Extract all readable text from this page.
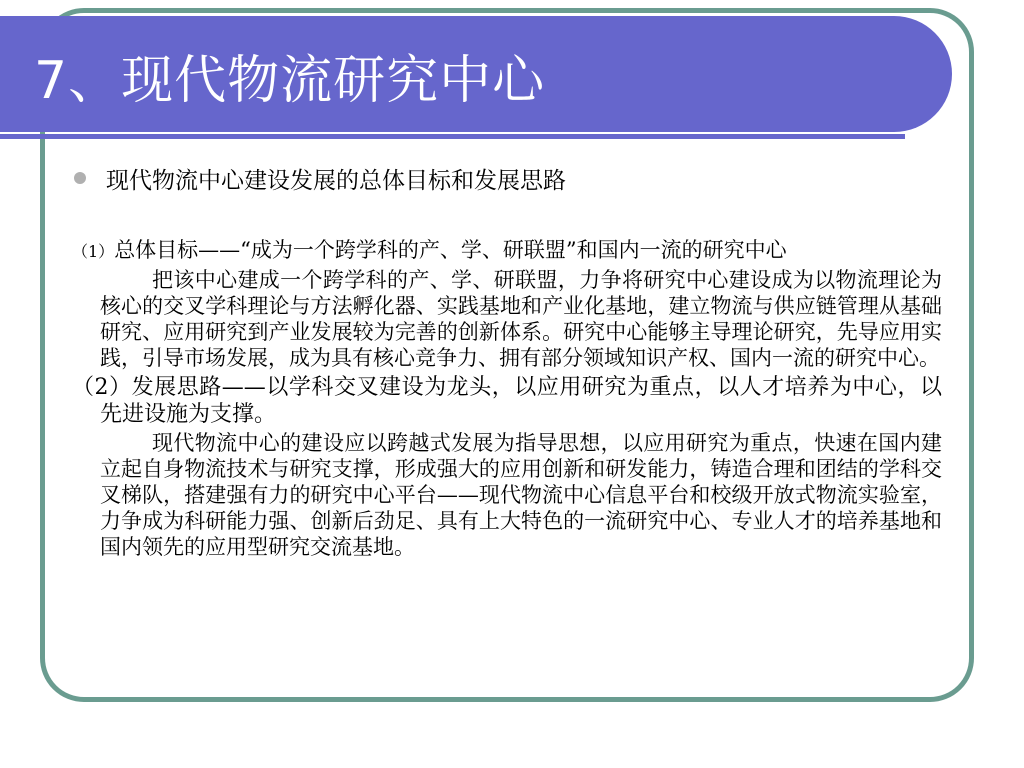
7、现代物流研究中心
现代物流中心建设发展的总体目标和发展思路
（1）总体目标——“成为一个跨学科的产、学、研联盟”和国内一流的研究中心
把该中心建成一个跨学科的产、学、研联盟，力争将研究中心建设成为以物流理论为核心的交叉学科理论与方法孵化器、实践基地和产业化基地，建立物流与供应链管理从基础研究、应用研究到产业发展较为完善的创新体系。研究中心能够主导理论研究，先导应用实践，引导市场发展，成为具有核心竞争力、拥有部分领域知识产权、国内一流的研究中心。
（2）发展思路——以学科交叉建设为龙头，以应用研究为重点，以人才培养为中心，以先进设施为支撑。
现代物流中心的建设应以跨越式发展为指导思想，以应用研究为重点，快速在国内建立起自身物流技术与研究支撑，形成强大的应用创新和研发能力，铸造合理和团结的学科交叉梯队，搭建强有力的研究中心平台——现代物流中心信息平台和校级开放式物流实验室，力争成为科研能力强、创新后劲足、具有上大特色的一流研究中心、专业人才的培养基地和国内领先的应用型研究交流基地。
